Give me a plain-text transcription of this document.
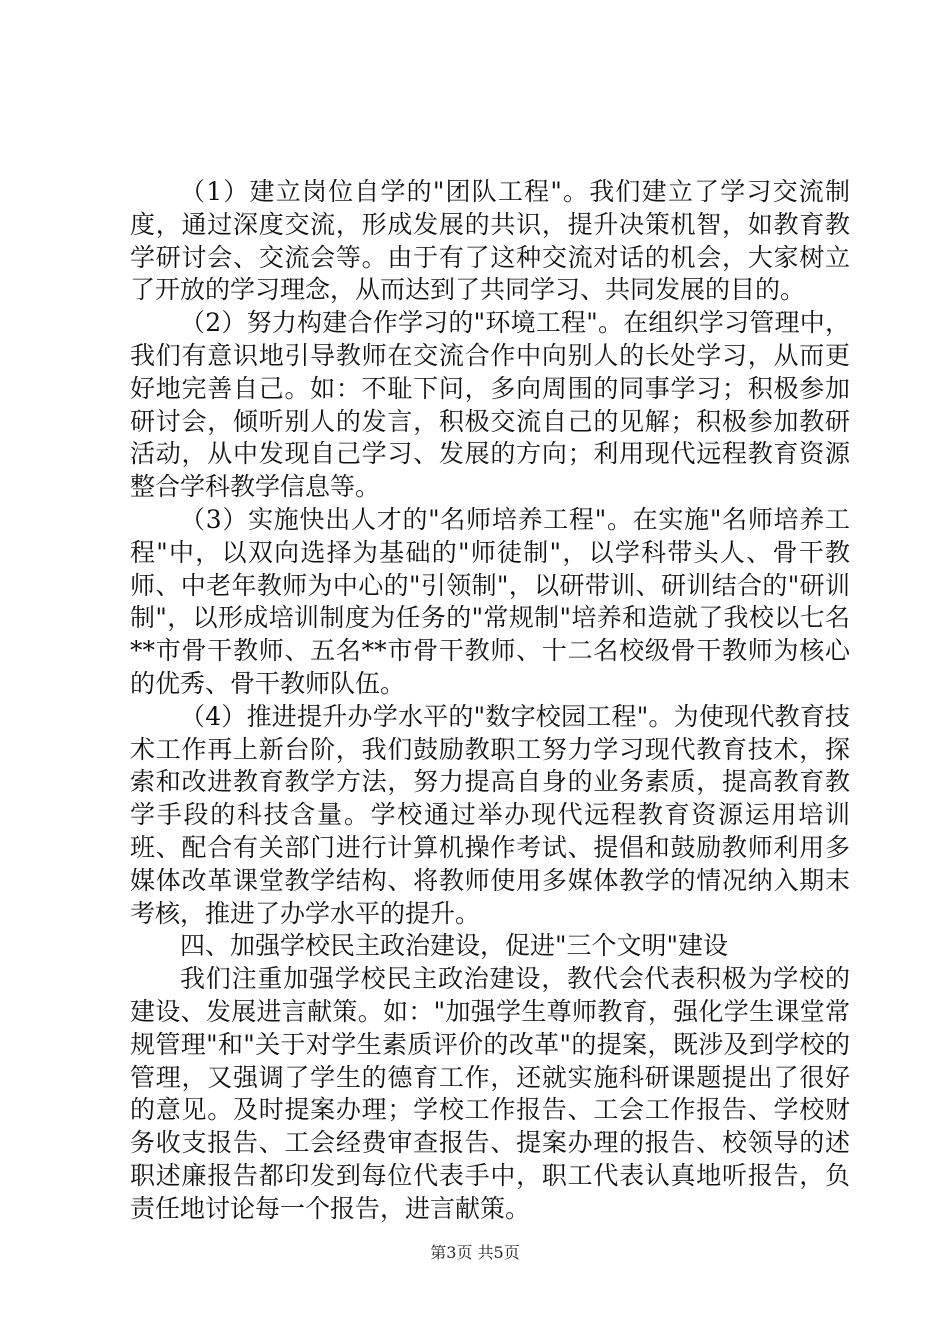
（1）建立岗位自学的"团队工程"。我们建立了学习交流制度，通过深度交流，形成发展的共识，提升决策机智，如教育教学研讨会、交流会等。由于有了这种交流对话的机会，大家树立了开放的学习理念，从而达到了共同学习、共同发展的目的。

（2）努力构建合作学习的"环境工程"。在组织学习管理中，我们有意识地引导教师在交流合作中向别人的长处学习，从而更好地完善自己。如：不耻下问，多向周围的同事学习；积极参加研讨会，倾听别人的发言，积极交流自己的见解；积极参加教研活动，从中发现自己学习、发展的方向；利用现代远程教育资源整合学科教学信息等。

（3）实施快出人才的"名师培养工程"。在实施"名师培养工程"中，以双向选择为基础的"师徒制"，以学科带头人、骨干教师、中老年教师为中心的"引领制"，以研带训、研训结合的"研训制"，以形成培训制度为任务的"常规制"培养和造就了我校以七名**市骨干教师、五名**市骨干教师、十二名校级骨干教师为核心的优秀、骨干教师队伍。

（4）推进提升办学水平的"数字校园工程"。为使现代教育技术工作再上新台阶，我们鼓励教职工努力学习现代教育技术，探索和改进教育教学方法，努力提高自身的业务素质，提高教育教学手段的科技含量。学校通过举办现代远程教育资源运用培训班、配合有关部门进行计算机操作考试、提倡和鼓励教师利用多媒体改革课堂教学结构、将教师使用多媒体教学的情况纳入期末考核，推进了办学水平的提升。

四、加强学校民主政治建设，促进"三个文明"建设

我们注重加强学校民主政治建设，教代会代表积极为学校的建设、发展进言献策。如："加强学生尊师教育，强化学生课堂常规管理"和"关于对学生素质评价的改革"的提案，既涉及到学校的管理，又强调了学生的德育工作，还就实施科研课题提出了很好的意见。及时提案办理；学校工作报告、工会工作报告、学校财务收支报告、工会经费审查报告、提案办理的报告、校领导的述职述廉报告都印发到每位代表手中，职工代表认真地听报告，负责任地讨论每一个报告，进言献策。

第3页 共5页
